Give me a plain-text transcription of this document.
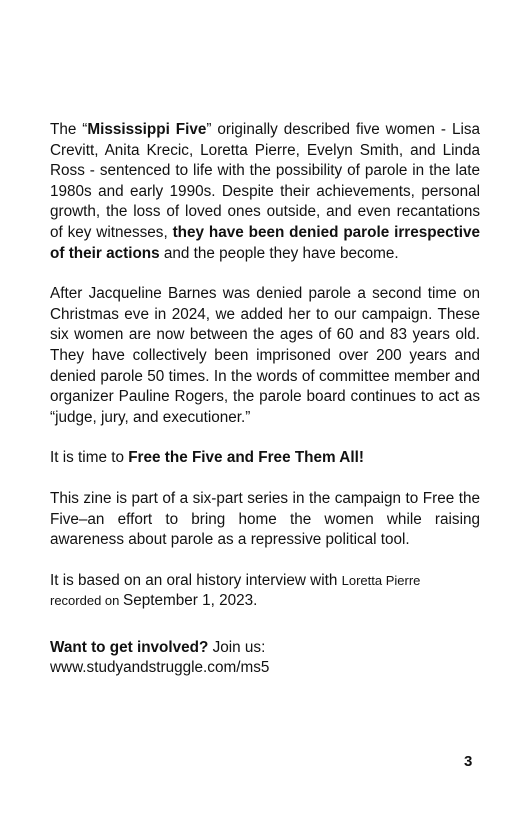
The “Mississippi Five” originally described five women - Lisa Crevitt, Anita Krecic, Loretta Pierre, Evelyn Smith, and Linda Ross - sentenced to life with the possibility of parole in the late 1980s and early 1990s. Despite their achievements, personal growth, the loss of loved ones outside, and even recantations of key witnesses, they have been denied parole irrespective of their actions and the people they have become.

After Jacqueline Barnes was denied parole a second time on Christmas eve in 2024, we added her to our campaign. These six women are now between the ages of 60 and 83 years old. They have collectively been imprisoned over 200 years and denied parole 50 times. In the words of committee member and organizer Pauline Rogers, the parole board continues to act as “judge, jury, and executioner.”

It is time to Free the Five and Free Them All!

This zine is part of a six-part series in the campaign to Free the Five–an effort to bring home the women while raising awareness about parole as a repressive political tool.

It is based on an oral history interview with Loretta Pierre
recorded on September 1, 2023.

Want to get involved? Join us:
www.studyandstruggle.com/ms5

3
